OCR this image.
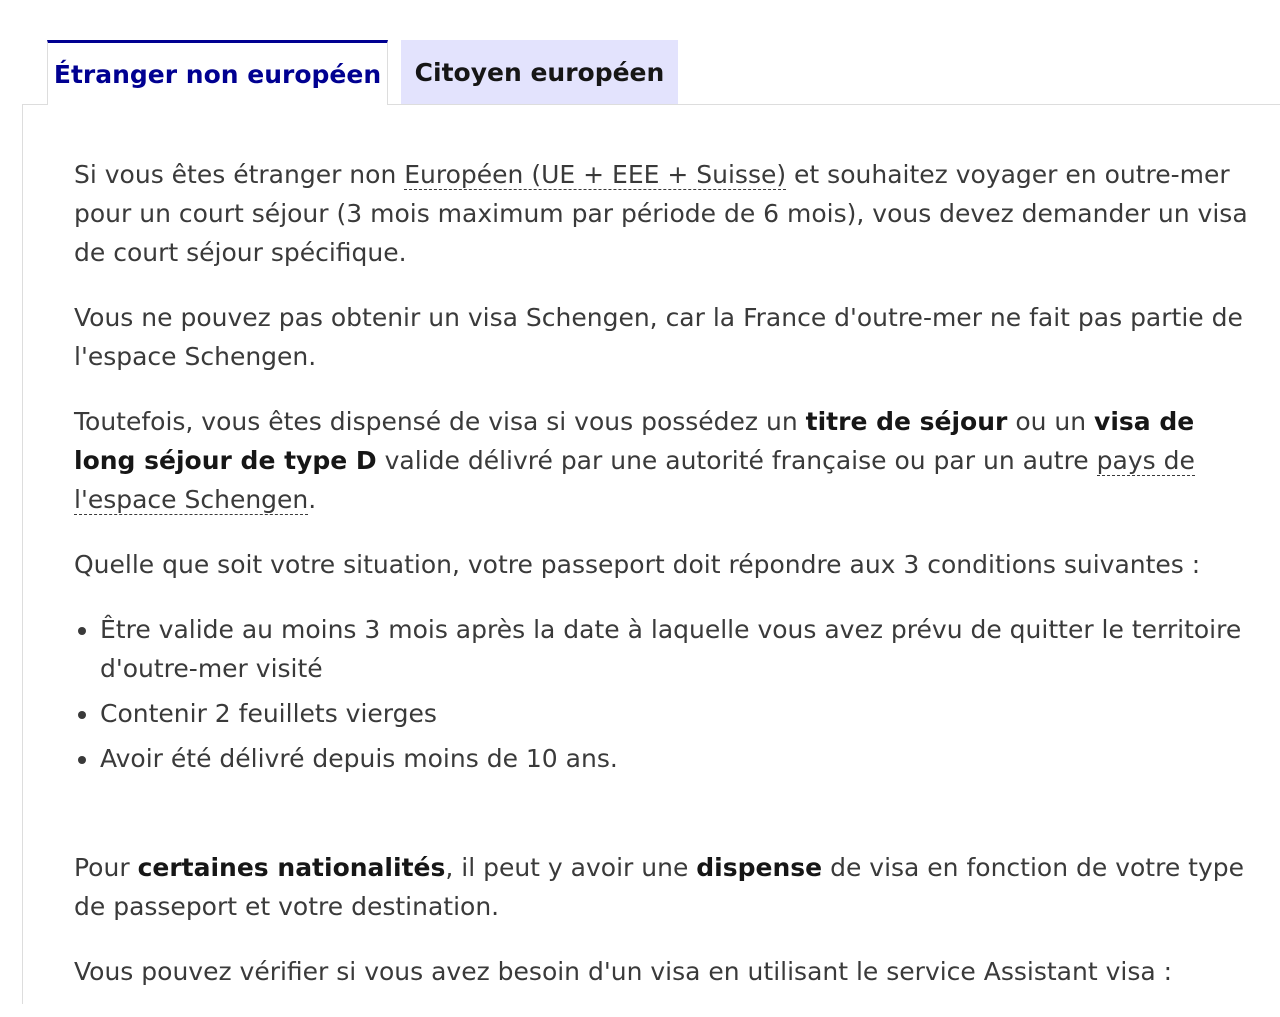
Étranger non européen	Citoyen européen

Si vous êtes étranger non Européen (UE + EEE + Suisse) et souhaitez voyager en outre-mer pour un court séjour (3 mois maximum par période de 6 mois), vous devez demander un visa de court séjour spécifique.

Vous ne pouvez pas obtenir un visa Schengen, car la France d'outre-mer ne fait pas partie de l'espace Schengen.

Toutefois, vous êtes dispensé de visa si vous possédez un titre de séjour ou un visa de long séjour de type D valide délivré par une autorité française ou par un autre pays de l'espace Schengen.

Quelle que soit votre situation, votre passeport doit répondre aux 3 conditions suivantes :

• Être valide au moins 3 mois après la date à laquelle vous avez prévu de quitter le territoire d'outre-mer visité
• Contenir 2 feuillets vierges
• Avoir été délivré depuis moins de 10 ans.

Pour certaines nationalités, il peut y avoir une dispense de visa en fonction de votre type de passeport et votre destination.

Vous pouvez vérifier si vous avez besoin d'un visa en utilisant le service Assistant visa :
